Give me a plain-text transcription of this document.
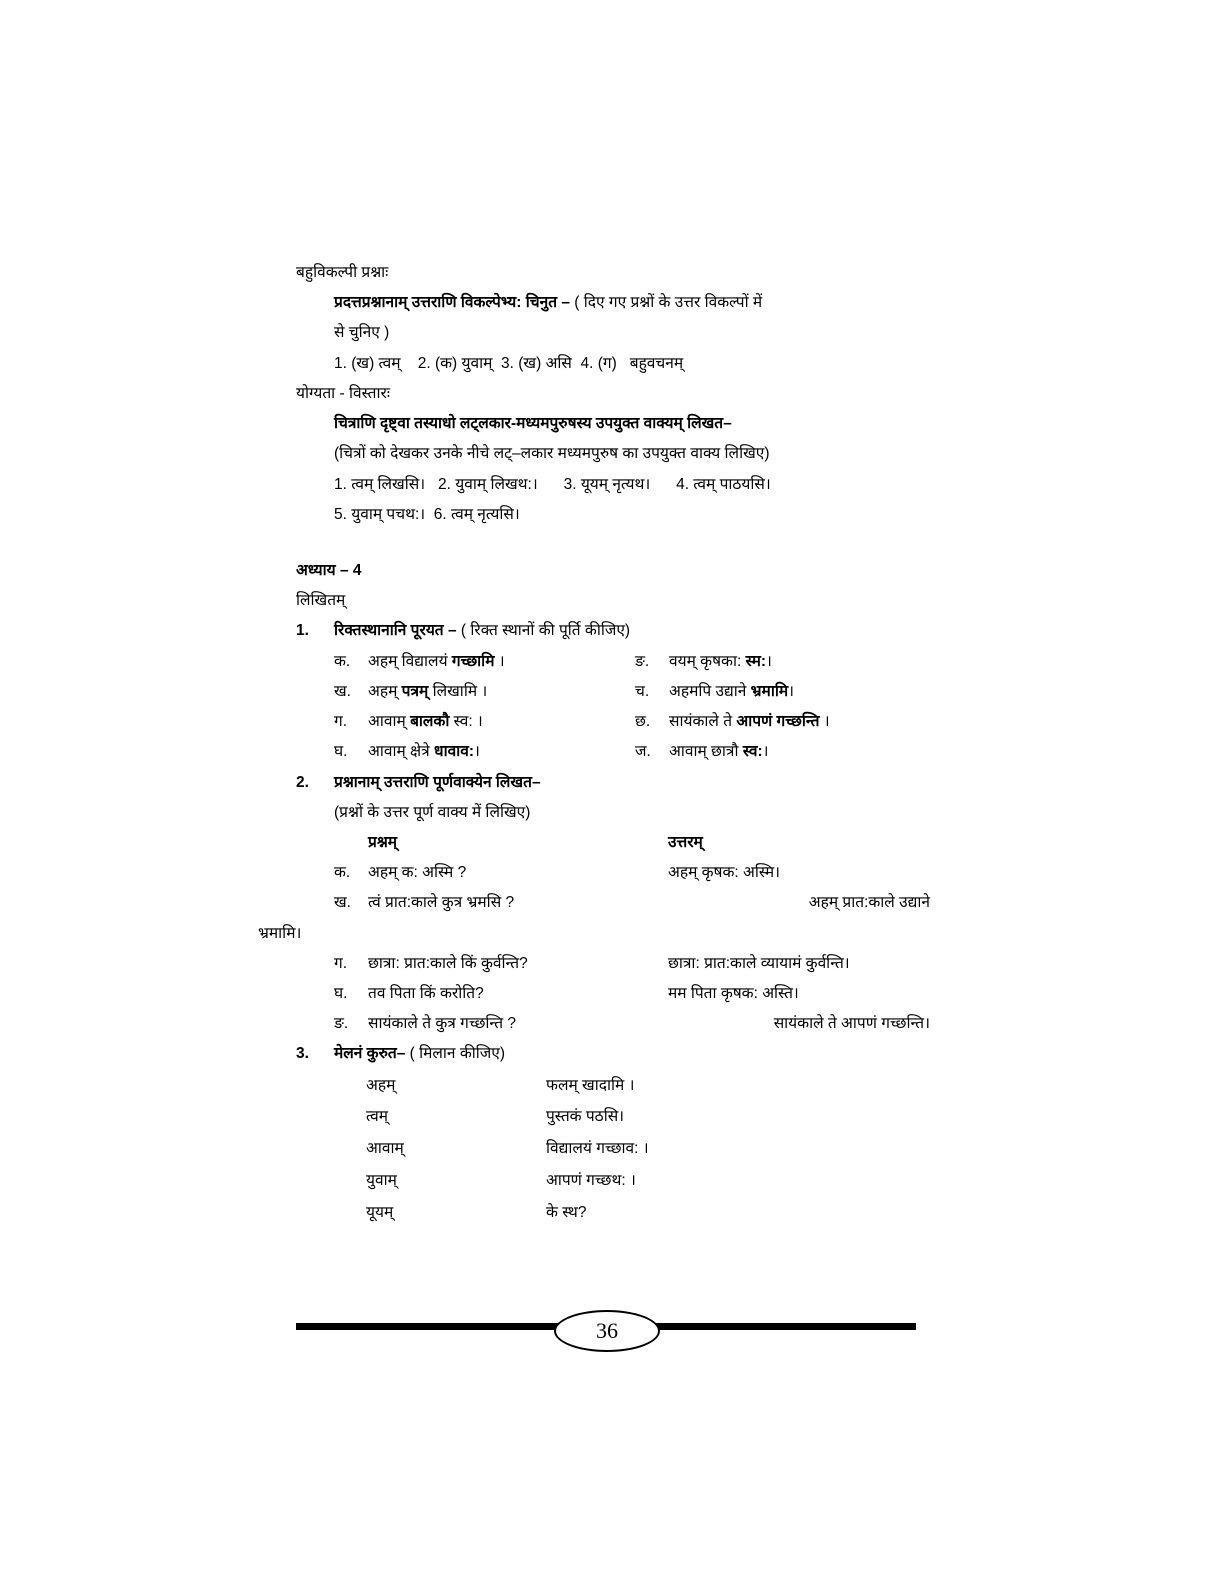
बहुविकल्पी प्रश्नाः
प्रदत्तप्रश्नानाम् उत्तराणि विकल्पेभ्य: चिनुत – ( दिए गए प्रश्नों के उत्तर विकल्पों में
से चुनिए )
1. (ख) त्वम्    2. (क) युवाम्  3. (ख) असि  4. (ग)   बहुवचनम्
योग्यता - विस्तारः
चित्राणि दृष्ट्वा तस्याधो लट्लकार-मध्यमपुरुषस्य उपयुक्त वाक्यम् लिखत–
(चित्रों को देखकर उनके नीचे लट्–लकार मध्यमपुरुष का उपयुक्त वाक्य लिखिए)
1. त्वम् लिखसि।   2. युवाम् लिखथ:।      3. यूयम् नृत्यथ।      4. त्वम् पाठयसि।
5. युवाम् पचथ:।  6. त्वम् नृत्यसि।
अध्याय – 4
लिखितम्
1.	रिक्तस्थानानि पूरयत – ( रिक्त स्थानों की पूर्ति कीजिए)
क.	अहम् विद्यालयं गच्छामि ।	ङ.	वयम् कृषका: स्म:।
ख.	अहम् पत्रम् लिखामि ।	च.	अहमपि उद्याने भ्रमामि।
ग.	आवाम् बालकौ स्व: ।	छ.	सायंकाले ते आपणं गच्छन्ति ।
घ.	आवाम् क्षेत्रे धावाव:।	ज.	आवाम् छात्रौ स्व:।
2.	प्रश्नानाम् उत्तराणि पूर्णवाक्येन लिखत–
(प्रश्नों के उत्तर पूर्ण वाक्य में लिखिए)
प्रश्नम्	उत्तरम्
क.	अहम् क: अस्मि ?	अहम् कृषक: अस्मि।
ख.	त्वं प्रात:काले कुत्र भ्रमसि ?	अहम् प्रात:काले उद्याने
भ्रमामि।
ग.	छात्रा: प्रात:काले किं कुर्वन्ति?	छात्रा: प्रात:काले व्यायामं कुर्वन्ति।
घ.	तव पिता किं करोति?	मम पिता कृषक: अस्ति।
ङ.	सायंकाले ते कुत्र गच्छन्ति ?	सायंकाले ते आपणं गच्छन्ति।
3.	मेलनं कुरुत– ( मिलान कीजिए)
अहम्	फलम् खादामि ।
त्वम्	पुस्तकं पठसि।
आवाम्	विद्यालयं गच्छाव: ।
युवाम्	आपणं गच्छथ: ।
यूयम्	के स्थ?
36
